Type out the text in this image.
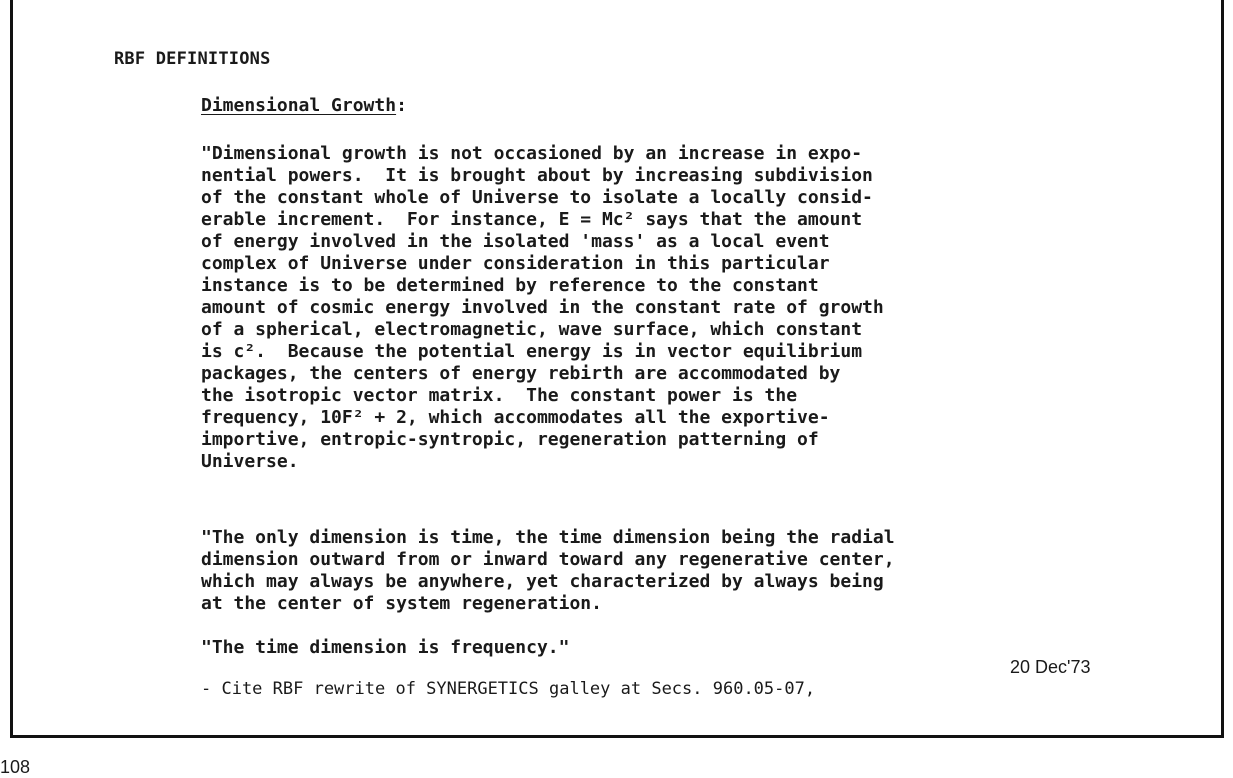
RBF DEFINITIONS
Dimensional Growth:
"Dimensional growth is not occasioned by an increase in expo-
nential powers.  It is brought about by increasing subdivision
of the constant whole of Universe to isolate a locally consid-
erable increment.  For instance, E = Mc² says that the amount
of energy involved in the isolated 'mass' as a local event
complex of Universe under consideration in this particular
instance is to be determined by reference to the constant
amount of cosmic energy involved in the constant rate of growth
of a spherical, electromagnetic, wave surface, which constant
is c².  Because the potential energy is in vector equilibrium
packages, the centers of energy rebirth are accommodated by
the isotropic vector matrix.  The constant power is the
frequency, 10F² + 2, which accommodates all the exportive-
importive, entropic-syntropic, regeneration patterning of
Universe.
"The only dimension is time, the time dimension being the radial
dimension outward from or inward toward any regenerative center,
which may always be anywhere, yet characterized by always being
at the center of system regeneration.
"The time dimension is frequency."
20 Dec'73
- Cite RBF rewrite of SYNERGETICS galley at Secs. 960.05-07,
108
